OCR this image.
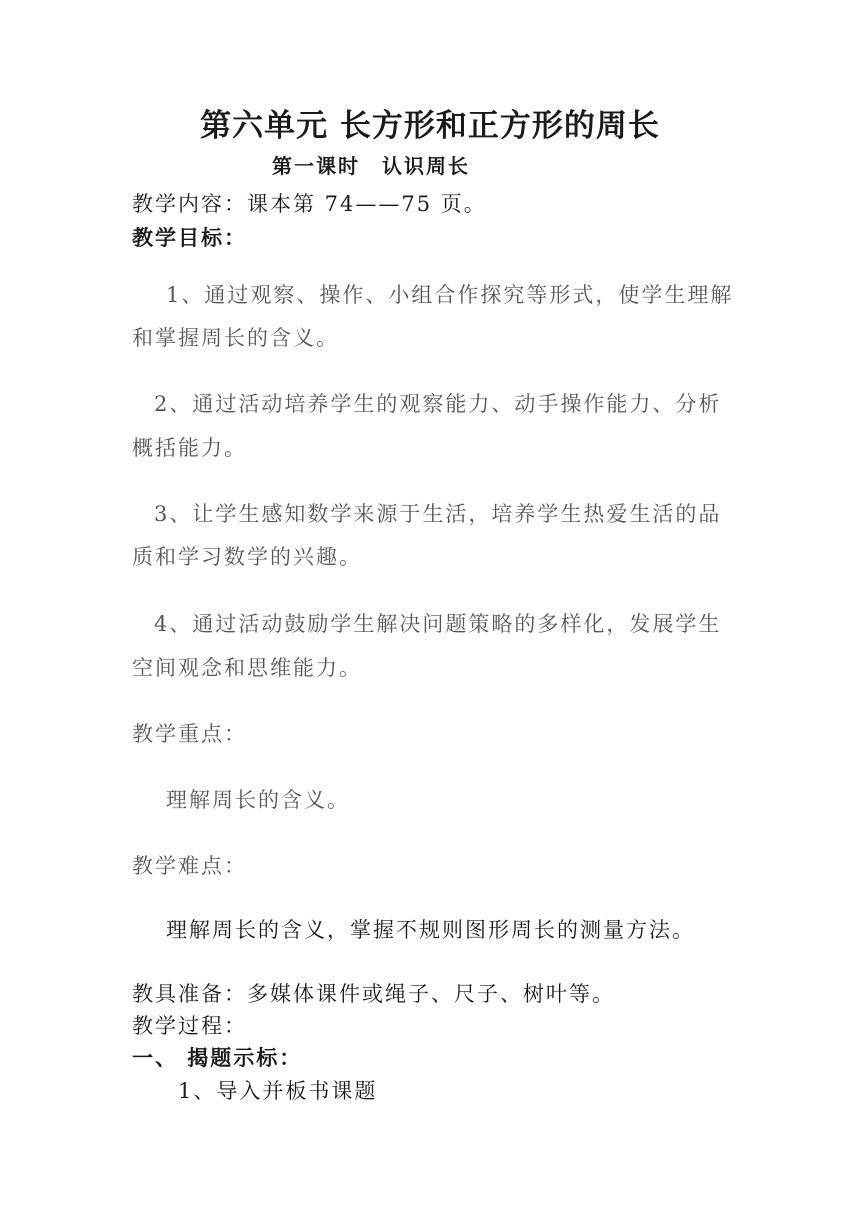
第六单元 长方形和正方形的周长
第一课时　认识周长
教学内容：课本第 74——75 页。
教学目标：
1、通过观察、操作、小组合作探究等形式，使学生理解
和掌握周长的含义。
2、通过活动培养学生的观察能力、动手操作能力、分析
概括能力。
3、让学生感知数学来源于生活，培养学生热爱生活的品
质和学习数学的兴趣。
4、通过活动鼓励学生解决问题策略的多样化，发展学生
空间观念和思维能力。
教学重点：
理解周长的含义。
教学难点：
理解周长的含义，掌握不规则图形周长的测量方法。
教具准备：多媒体课件或绳子、尺子、树叶等。
教学过程：
一、 揭题示标：
1、导入并板书课题
